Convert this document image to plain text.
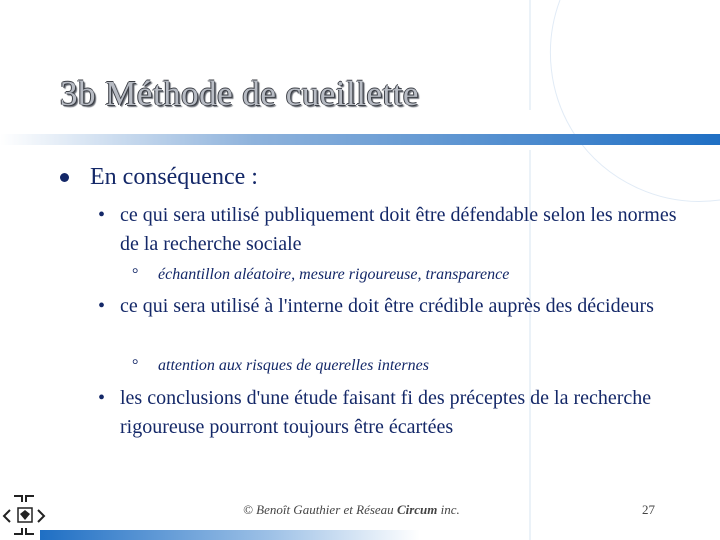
3b Méthode de cueillette
En conséquence :
• ce qui sera utilisé publiquement doit être défendable selon les normes de la recherche sociale
°	échantillon aléatoire, mesure rigoureuse, transparence
• ce qui sera utilisé à l'interne doit être crédible auprès des décideurs
°	attention aux risques de querelles internes
• les conclusions d'une étude faisant fi des préceptes de la recherche rigoureuse pourront toujours être écartées
© Benoît Gauthier et Réseau Circum inc.	27
